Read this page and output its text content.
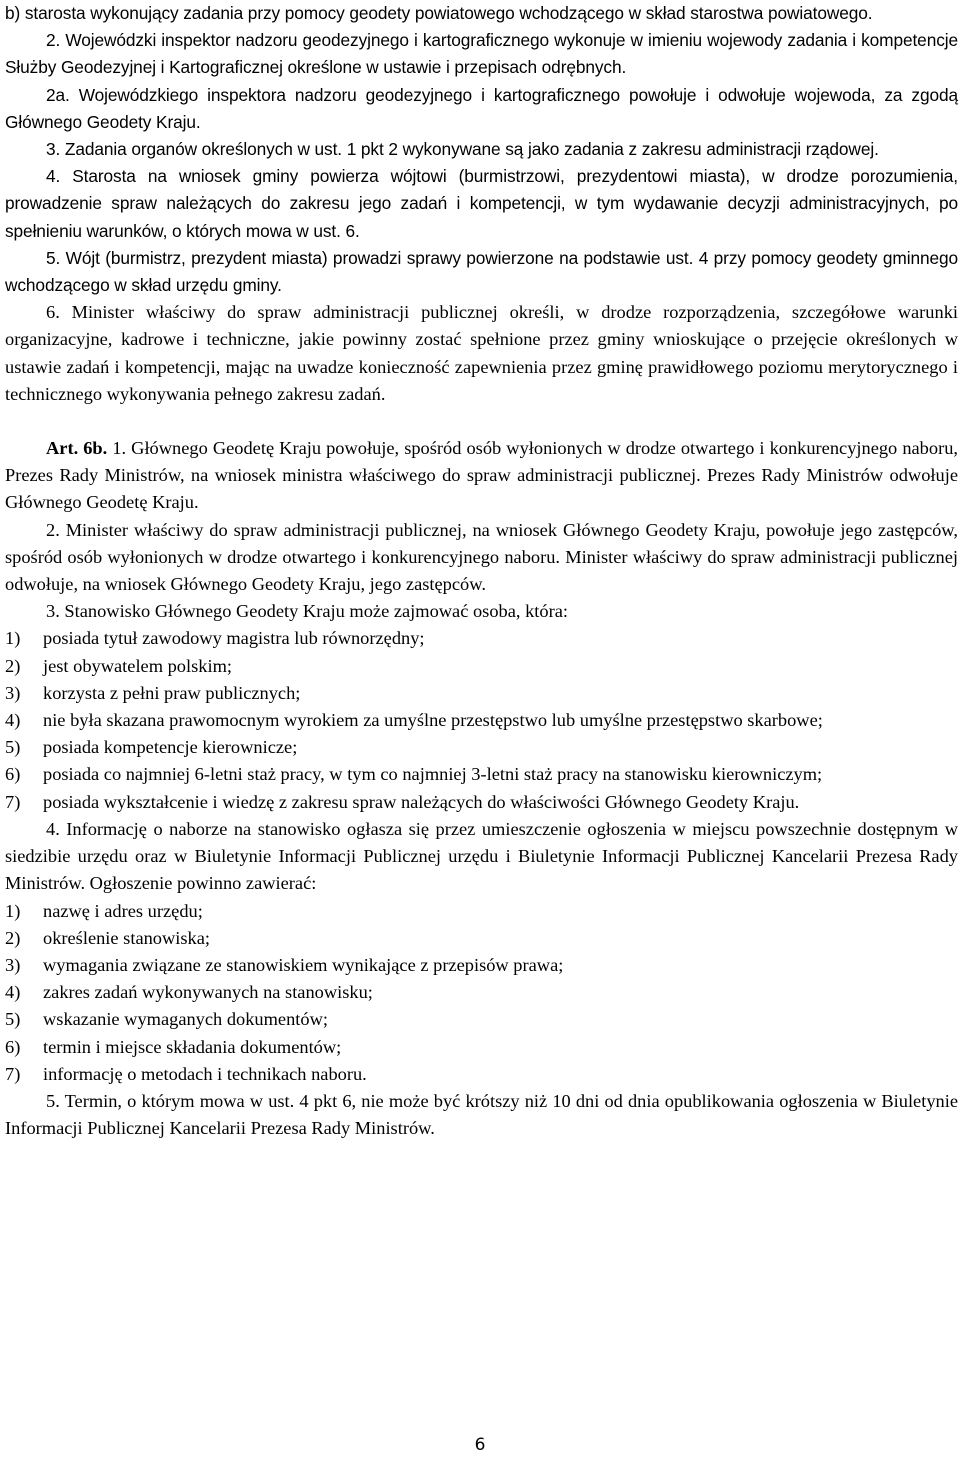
b) starosta wykonujący zadania przy pomocy geodety powiatowego wchodzącego w skład starostwa powiatowego.

2. Wojewódzki inspektor nadzoru geodezyjnego i kartograficznego wykonuje w imieniu wojewody zadania i kompetencje Służby Geodezyjnej i Kartograficznej określone w ustawie i przepisach odrębnych.

2a. Wojewódzkiego inspektora nadzoru geodezyjnego i kartograficznego powołuje i odwołuje wojewoda, za zgodą Głównego Geodety Kraju.

3. Zadania organów określonych w ust. 1 pkt 2 wykonywane są jako zadania z zakresu administracji rządowej.

4. Starosta na wniosek gminy powierza wójtowi (burmistrzowi, prezydentowi miasta), w drodze porozumienia, prowadzenie spraw należących do zakresu jego zadań i kompetencji, w tym wydawanie decyzji administracyjnych, po spełnieniu warunków, o których mowa w ust. 6.

5. Wójt (burmistrz, prezydent miasta) prowadzi sprawy powierzone na podstawie ust. 4 przy pomocy geodety gminnego wchodzącego w skład urzędu gminy.

6. Minister właściwy do spraw administracji publicznej określi, w drodze rozporządzenia, szczegółowe warunki organizacyjne, kadrowe i techniczne, jakie powinny zostać spełnione przez gminy wnioskujące o przejęcie określonych w ustawie zadań i kompetencji, mając na uwadze konieczność zapewnienia przez gminę prawidłowego poziomu merytorycznego i technicznego wykonywania pełnego zakresu zadań.

Art. 6b. 1. Głównego Geodetę Kraju powołuje, spośród osób wyłonionych w drodze otwartego i konkurencyjnego naboru, Prezes Rady Ministrów, na wniosek ministra właściwego do spraw administracji publicznej. Prezes Rady Ministrów odwołuje Głównego Geodetę Kraju.

2. Minister właściwy do spraw administracji publicznej, na wniosek Głównego Geodety Kraju, powołuje jego zastępców, spośród osób wyłonionych w drodze otwartego i konkurencyjnego naboru. Minister właściwy do spraw administracji publicznej odwołuje, na wniosek Głównego Geodety Kraju, jego zastępców.

3. Stanowisko Głównego Geodety Kraju może zajmować osoba, która:

1) posiada tytuł zawodowy magistra lub równorzędny;
2) jest obywatelem polskim;
3) korzysta z pełni praw publicznych;
4) nie była skazana prawomocnym wyrokiem za umyślne przestępstwo lub umyślne przestępstwo skarbowe;
5) posiada kompetencje kierownicze;
6) posiada co najmniej 6-letni staż pracy, w tym co najmniej 3-letni staż pracy na stanowisku kierowniczym;
7) posiada wykształcenie i wiedzę z zakresu spraw należących do właściwości Głównego Geodety Kraju.

4. Informację o naborze na stanowisko ogłasza się przez umieszczenie ogłoszenia w miejscu powszechnie dostępnym w siedzibie urzędu oraz w Biuletynie Informacji Publicznej urzędu i Biuletynie Informacji Publicznej Kancelarii Prezesa Rady Ministrów. Ogłoszenie powinno zawierać:

1) nazwę i adres urzędu;
2) określenie stanowiska;
3) wymagania związane ze stanowiskiem wynikające z przepisów prawa;
4) zakres zadań wykonywanych na stanowisku;
5) wskazanie wymaganych dokumentów;
6) termin i miejsce składania dokumentów;
7) informację o metodach i technikach naboru.

5. Termin, o którym mowa w ust. 4 pkt 6, nie może być krótszy niż 10 dni od dnia opublikowania ogłoszenia w Biuletynie Informacji Publicznej Kancelarii Prezesa Rady Ministrów.

6
